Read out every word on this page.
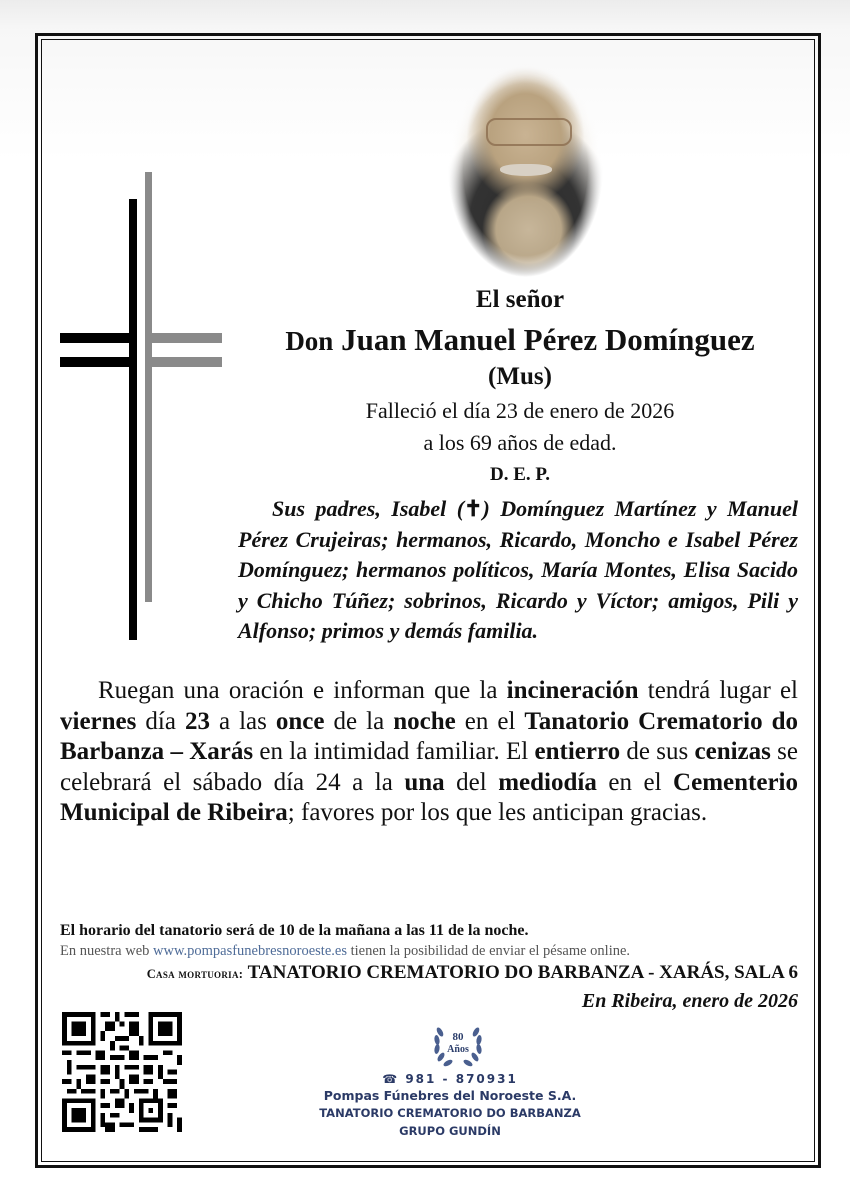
El señor
Don Juan Manuel Pérez Domínguez
(Mus)
Falleció el día 23 de enero de 2026
a los 69 años de edad.
D. E. P.
Sus padres, Isabel (✝) Domínguez Martínez y Manuel Pérez Crujeiras; hermanos, Ricardo, Moncho e Isabel Pérez Domínguez; hermanos políticos, María Montes, Elisa Sacido y Chicho Túñez; sobrinos, Ricardo y Víctor; amigos, Pili y Alfonso; primos y demás familia.
Ruegan una oración e informan que la incineración tendrá lugar el viernes día 23 a las once de la noche en el Tanatorio Crematorio do Barbanza – Xarás en la intimidad familiar. El entierro de sus cenizas se celebrará el sábado día 24 a la una del mediodía en el Cementerio Municipal de Ribeira; favores por los que les anticipan gracias.
El horario del tanatorio será de 10 de la mañana a las 11 de la noche.
En nuestra web www.pompasfunebresnoroeste.es tienen la posibilidad de enviar el pésame online.
Casa mortuoria: TANATORIO CREMATORIO DO BARBANZA - XARÁS, SALA 6
En Ribeira, enero de 2026
80
Años
☎ 981 - 870931
Pompas Fúnebres del Noroeste S.A.
TANATORIO CREMATORIO DO BARBANZA
GRUPO GUNDÍN
